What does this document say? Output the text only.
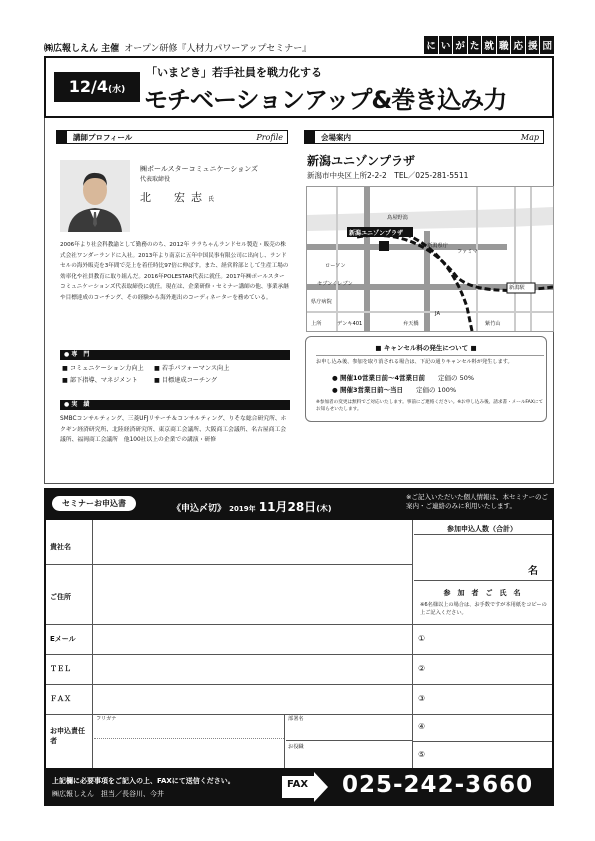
㈱広報しえん 主催 オープン研修『人材力パワーアップセミナー』	に い が た 就 職 応 援 団
12/4(水)
「いまどき」若手社員を戦力化する
モチベーションアップ&巻き込み力
講師プロフィール	Profile
㈱ポールスターコミュニケーションズ
代表取締役
北　宏志氏
2006年より社会科教諭として勤務ののち、2012年 ララちゃんランドセル製造・販売の株式会社ワンダーランドに入社。2013年より南京に五年中国民事有限公司に出向し、ランドセルの海外販売を3年間で売上を着任時比97倍に伸ばす。また、経営幹部として生産工場の効率化や社員教育に取り組んだ。2016年POLESTAR代表に就任。2017年㈱ポールスターコミュニケーションズ代表取締役に就任。現在は、企業研修・セミナー講師の他、事業承継や目標達成のコーチング、その経験から海外進出のコーディネーターを務めている。
● 専　門
■ コミュニケーション力向上	■ 若手パフォーマンス向上
■ 部下指導、マネジメント	■ 目標達成コーチング
● 実　績
SMBCコンサルティング、三菱UFJリサーチ＆コンサルティング、りそな総合研究所、ホクギン経済研究所、北陸経済研究所、東京商工会議所、大阪商工会議所、名古屋商工会議所、福岡商工会議所　他100社以上の企業での講演・研修
会場案内	Map
新潟ユニゾンプラザ
新潟市中央区上所2-2-2　 TEL／025-281-5511
新潟ユニゾンプラザ
鳥屋野潟
新潟県庁
新潟駅
ローソン
セブンイレブン
デンキ401
JA
ファミマ
上所	弁天橋
県庁病院
紫竹山
■ キャンセル料の発生について ■
お申し込み後、参加を取り消される場合は、下記の通りキャンセル料が発生します。
● 開催10営業日前～4営業日前　　 定価の 50%
● 開催3営業日前～当日　　 定価の 100%
※参加者の変更は無料でご対応いたします。事前にご連絡ください。※お申し込み後、請求書・メールFAXにてお知らせいたします。
セミナーお申込書
《申込〆切》 2019年 11月28日(木)
※ご記入いただいた個人情報は、本セミナーのご案内・ご連絡のみに利用いたします。
貴社名
ご住所
Eメール
ＴＥＬ
ＦＡＸ
お申込責任者
フリガナ	部署名
お役職
参加申込人数（合計）
名
参　加　者　ご　氏　名
※6名様以上の場合は、お手数ですが本用紙をコピーの上ご記入ください。
①
②
③
④
⑤
上記欄に必要事項をご記入の上、FAXにて送信ください。
㈱広報しえん　担当／長谷川、今井
FAX 025-242-3660
